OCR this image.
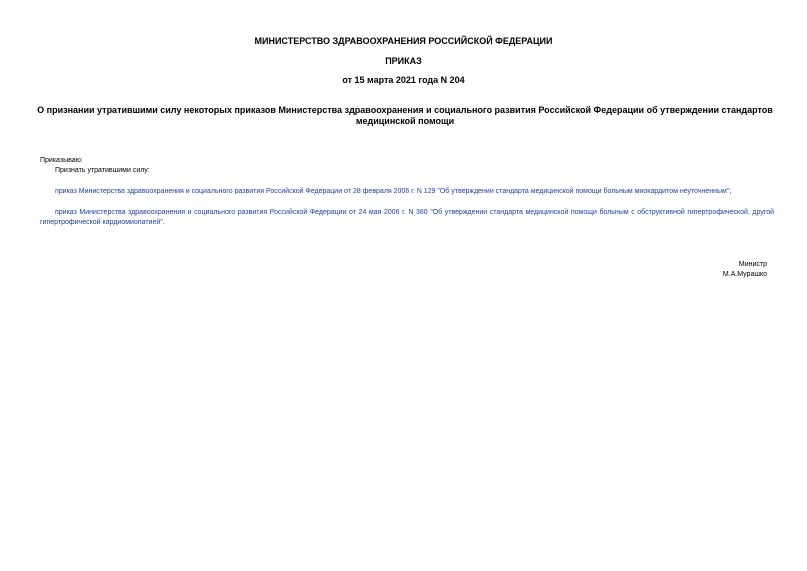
МИНИСТЕРСТВО ЗДРАВООХРАНЕНИЯ РОССИЙСКОЙ ФЕДЕРАЦИИ
ПРИКАЗ
от 15 марта 2021 года N 204
О признании утратившими силу некоторых приказов Министерства здравоохранения и социального развития Российской Федерации об утверждении стандартов медицинской помощи
Приказываю:
Признать утратившими силу:
приказ Министерства здравоохранения и социального развития Российской Федерации от 28 февраля 2006 г. N 129 "Об утверждении стандарта медицинской помощи больным миокардитом неуточненным";
приказ Министерства здравоохранения и социального развития Российской Федерации от 24 мая 2006 г. N 380 "Об утверждении стандарта медицинской помощи больным с обструктивной гипертрофической, другой гипертрофической кардиомиопатией".
Министр
М.А.Мурашко
